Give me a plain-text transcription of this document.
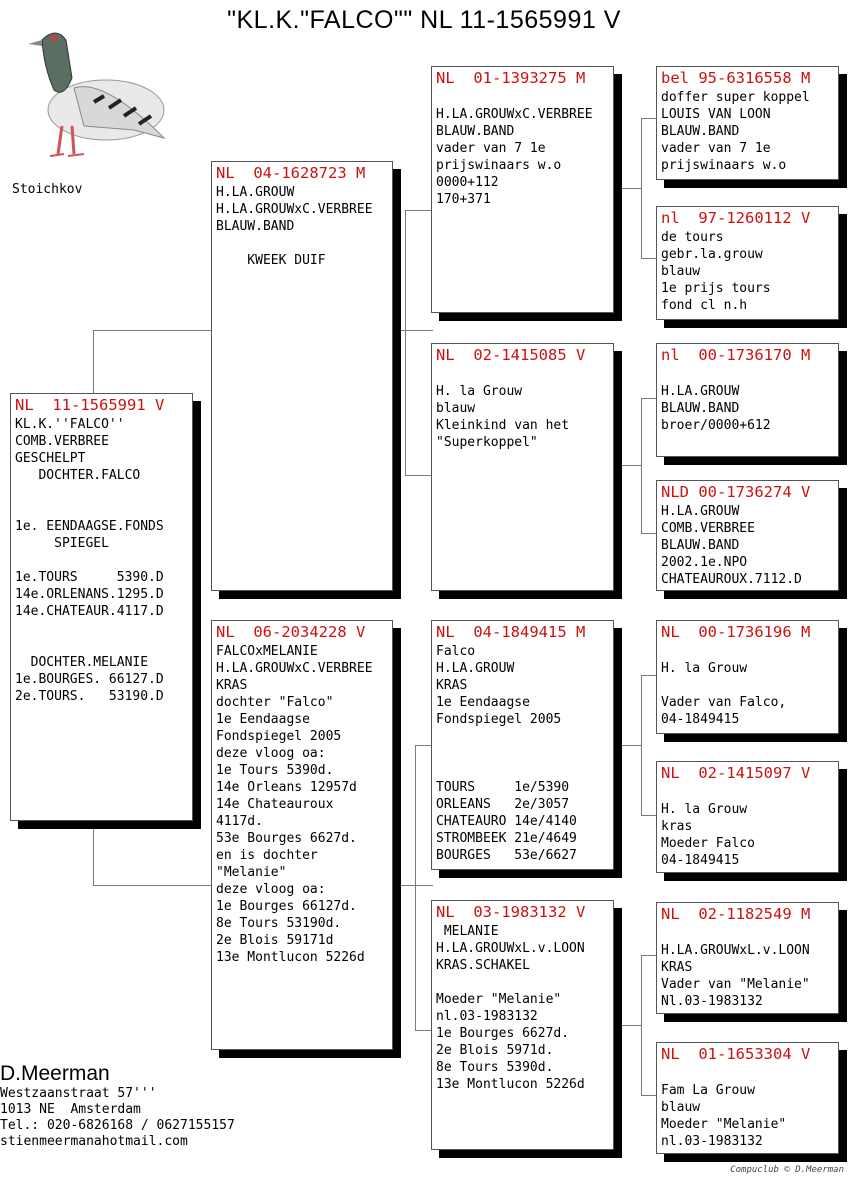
"KL.K."FALCO"" NL 11-1565991 V
Stoichkov
NL  11-1565991 V
KL.K.''FALCO''
COMB.VERBREE
GESCHELPT
DOCHTER.FALCO
1e. EENDAAGSE.FONDS
SPIEGEL
1e.TOURS     5390.D
14e.ORLENANS.1295.D
14e.CHATEAUR.4117.D
DOCHTER.MELANIE
1e.BOURGES. 66127.D
2e.TOURS.   53190.D
NL  04-1628723 M
H.LA.GROUW
H.LA.GROUWxC.VERBREE
BLAUW.BAND
KWEEK DUIF
NL  06-2034228 V
FALCOxMELANIE
H.LA.GROUWxC.VERBREE
KRAS
dochter "Falco"
1e Eendaagse
Fondspiegel 2005
deze vloog oa:
1e Tours 5390d.
14e Orleans 12957d
14e Chateauroux
4117d.
53e Bourges 6627d.
en is dochter
"Melanie"
deze vloog oa:
1e Bourges 66127d.
8e Tours 53190d.
2e Blois 59171d
13e Montlucon 5226d
NL  01-1393275 M
H.LA.GROUWxC.VERBREE
BLAUW.BAND
vader van 7 1e
prijswinaars w.o
0000+112
170+371
NL  02-1415085 V
H. la Grouw
blauw
Kleinkind van het
"Superkoppel"
NL  04-1849415 M
Falco
H.LA.GROUW
KRAS
1e Eendaagse
Fondspiegel 2005
TOURS     1e/5390
ORLEANS   2e/3057
CHATEAURO 14e/4140
STROMBEEK 21e/4649
BOURGES   53e/6627
NL  03-1983132 V
MELANIE
H.LA.GROUWxL.v.LOON
KRAS.SCHAKEL
Moeder "Melanie"
nl.03-1983132
1e Bourges 6627d.
2e Blois 5971d.
8e Tours 5390d.
13e Montlucon 5226d
bel 95-6316558 M
doffer super koppel
LOUIS VAN LOON
BLAUW.BAND
vader van 7 1e
prijswinaars w.o
nl  97-1260112 V
de tours
gebr.la.grouw
blauw
1e prijs tours
fond cl n.h
nl  00-1736170 M
H.LA.GROUW
BLAUW.BAND
broer/0000+612
NLD 00-1736274 V
H.LA.GROUW
COMB.VERBREE
BLAUW.BAND
2002.1e.NPO
CHATEAUROUX.7112.D
NL  00-1736196 M
H. la Grouw
Vader van Falco,
04-1849415
NL  02-1415097 V
H. la Grouw
kras
Moeder Falco
04-1849415
NL  02-1182549 M
H.LA.GROUWxL.v.LOON
KRAS
Vader van "Melanie"
Nl.03-1983132
NL  01-1653304 V
Fam La Grouw
blauw
Moeder "Melanie"
nl.03-1983132
D.Meerman
Westzaanstraat 57'''
1013 NE  Amsterdam
Tel.: 020-6826168 / 0627155157
stienmeermanahotmail.com
Compuclub © D.Meerman
